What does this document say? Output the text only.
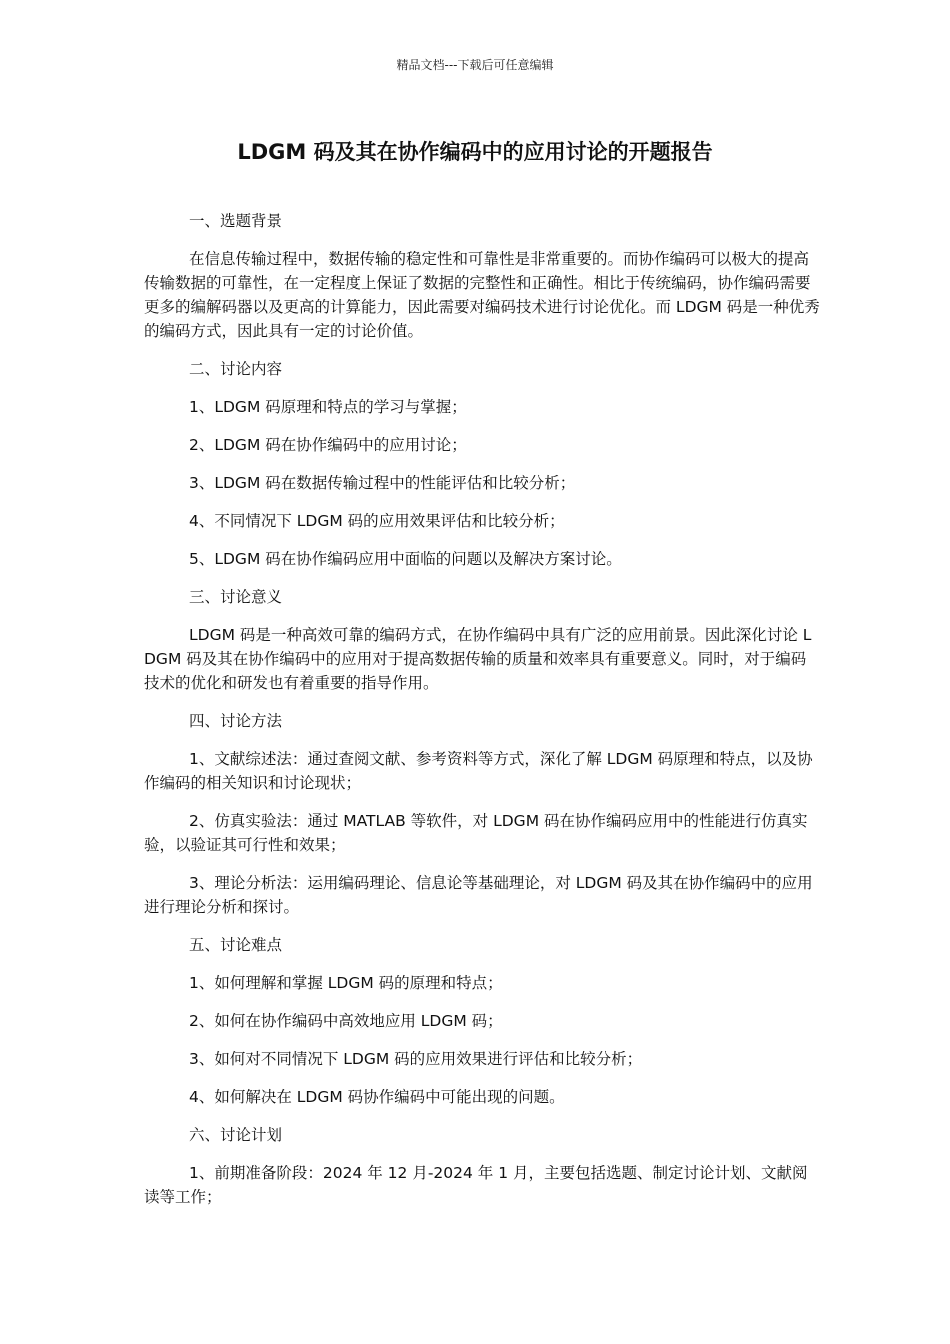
精品文档---下载后可任意编辑
LDGM 码及其在协作编码中的应用讨论的开题报告

一、选题背景

在信息传输过程中，数据传输的稳定性和可靠性是非常重要的。而协作编码可以极大的提高传输数据的可靠性，在一定程度上保证了数据的完整性和正确性。相比于传统编码，协作编码需要更多的编解码器以及更高的计算能力，因此需要对编码技术进行讨论优化。而 LDGM 码是一种优秀的编码方式，因此具有一定的讨论价值。

二、讨论内容

1、LDGM 码原理和特点的学习与掌握；

2、LDGM 码在协作编码中的应用讨论；

3、LDGM 码在数据传输过程中的性能评估和比较分析；

4、不同情况下 LDGM 码的应用效果评估和比较分析；

5、LDGM 码在协作编码应用中面临的问题以及解决方案讨论。

三、讨论意义

LDGM 码是一种高效可靠的编码方式，在协作编码中具有广泛的应用前景。因此深化讨论 LDGM 码及其在协作编码中的应用对于提高数据传输的质量和效率具有重要意义。同时，对于编码技术的优化和研发也有着重要的指导作用。

四、讨论方法

1、文献综述法：通过查阅文献、参考资料等方式，深化了解 LDGM 码原理和特点，以及协作编码的相关知识和讨论现状；

2、仿真实验法：通过 MATLAB 等软件，对 LDGM 码在协作编码应用中的性能进行仿真实验，以验证其可行性和效果；

3、理论分析法：运用编码理论、信息论等基础理论，对 LDGM 码及其在协作编码中的应用进行理论分析和探讨。

五、讨论难点

1、如何理解和掌握 LDGM 码的原理和特点；

2、如何在协作编码中高效地应用 LDGM 码；

3、如何对不同情况下 LDGM 码的应用效果进行评估和比较分析；

4、如何解决在 LDGM 码协作编码中可能出现的问题。

六、讨论计划

1、前期准备阶段：2024 年 12 月-2024 年 1 月，主要包括选题、制定讨论计划、文献阅读等工作；
